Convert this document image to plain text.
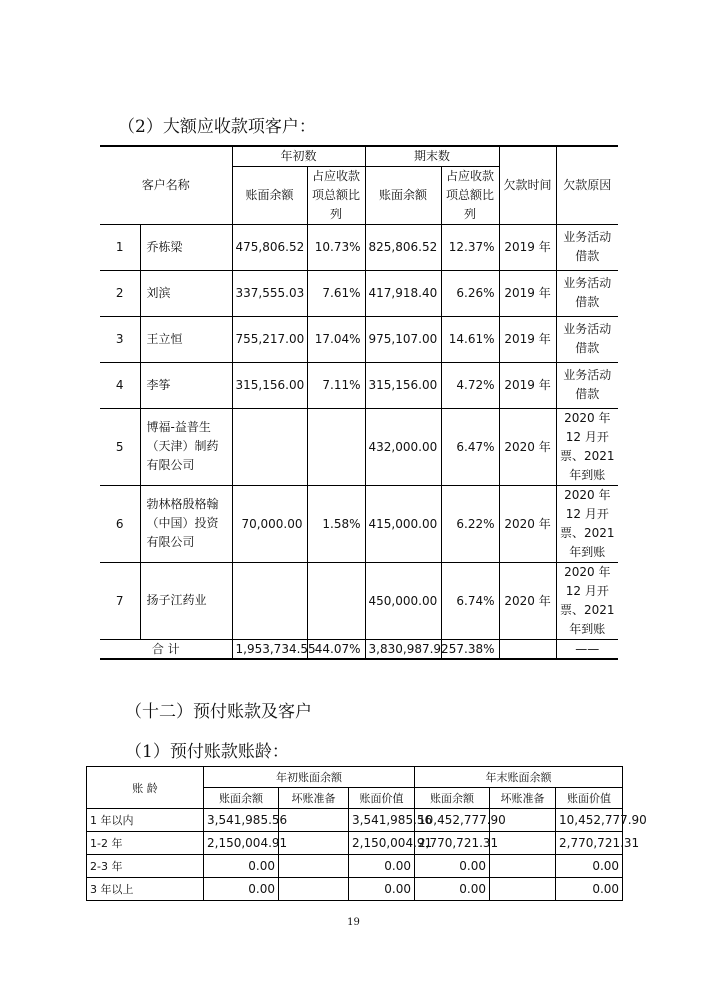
（2）大额应收款项客户：
客户名称		年初数		期末数		欠款时间	欠款原因
		账面余额	占应收款项总额比列	账面余额	占应收款项总额比列		
1	乔栋梁	475,806.52	10.73%	825,806.52	12.37%	2019 年	业务活动借款
2	刘滨	337,555.03	7.61%	417,918.40	6.26%	2019 年	业务活动借款
3	王立恒	755,217.00	17.04%	975,107.00	14.61%	2019 年	业务活动借款
4	李筝	315,156.00	7.11%	315,156.00	4.72%	2019 年	业务活动借款
5	博福-益普生（天津）制药有限公司			432,000.00	6.47%	2020 年	2020 年12 月开票、2021年到账
6	勃林格殷格翰（中国）投资有限公司	70,000.00	1.58%	415,000.00	6.22%	2020 年	2020 年12 月开票、2021年到账
7	扬子江药业			450,000.00	6.74%	2020 年	2020 年12 月开票、2021年到账
合 计		1,953,734.55	44.07%	3,830,987.92	57.38%		——
（十二）预付账款及客户
（1）预付账款账龄：
账 龄	年初账面余额			年末账面余额		
	账面余额	坏账准备	账面价值	账面余额	坏账准备	账面价值
1 年以内	3,541,985.56		3,541,985.56	10,452,777.90		10,452,777.90
1-2 年	2,150,004.91		2,150,004.91	2,770,721.31		2,770,721.31
2-3 年	0.00		0.00	0.00		0.00
3 年以上	0.00		0.00	0.00		0.00
19
